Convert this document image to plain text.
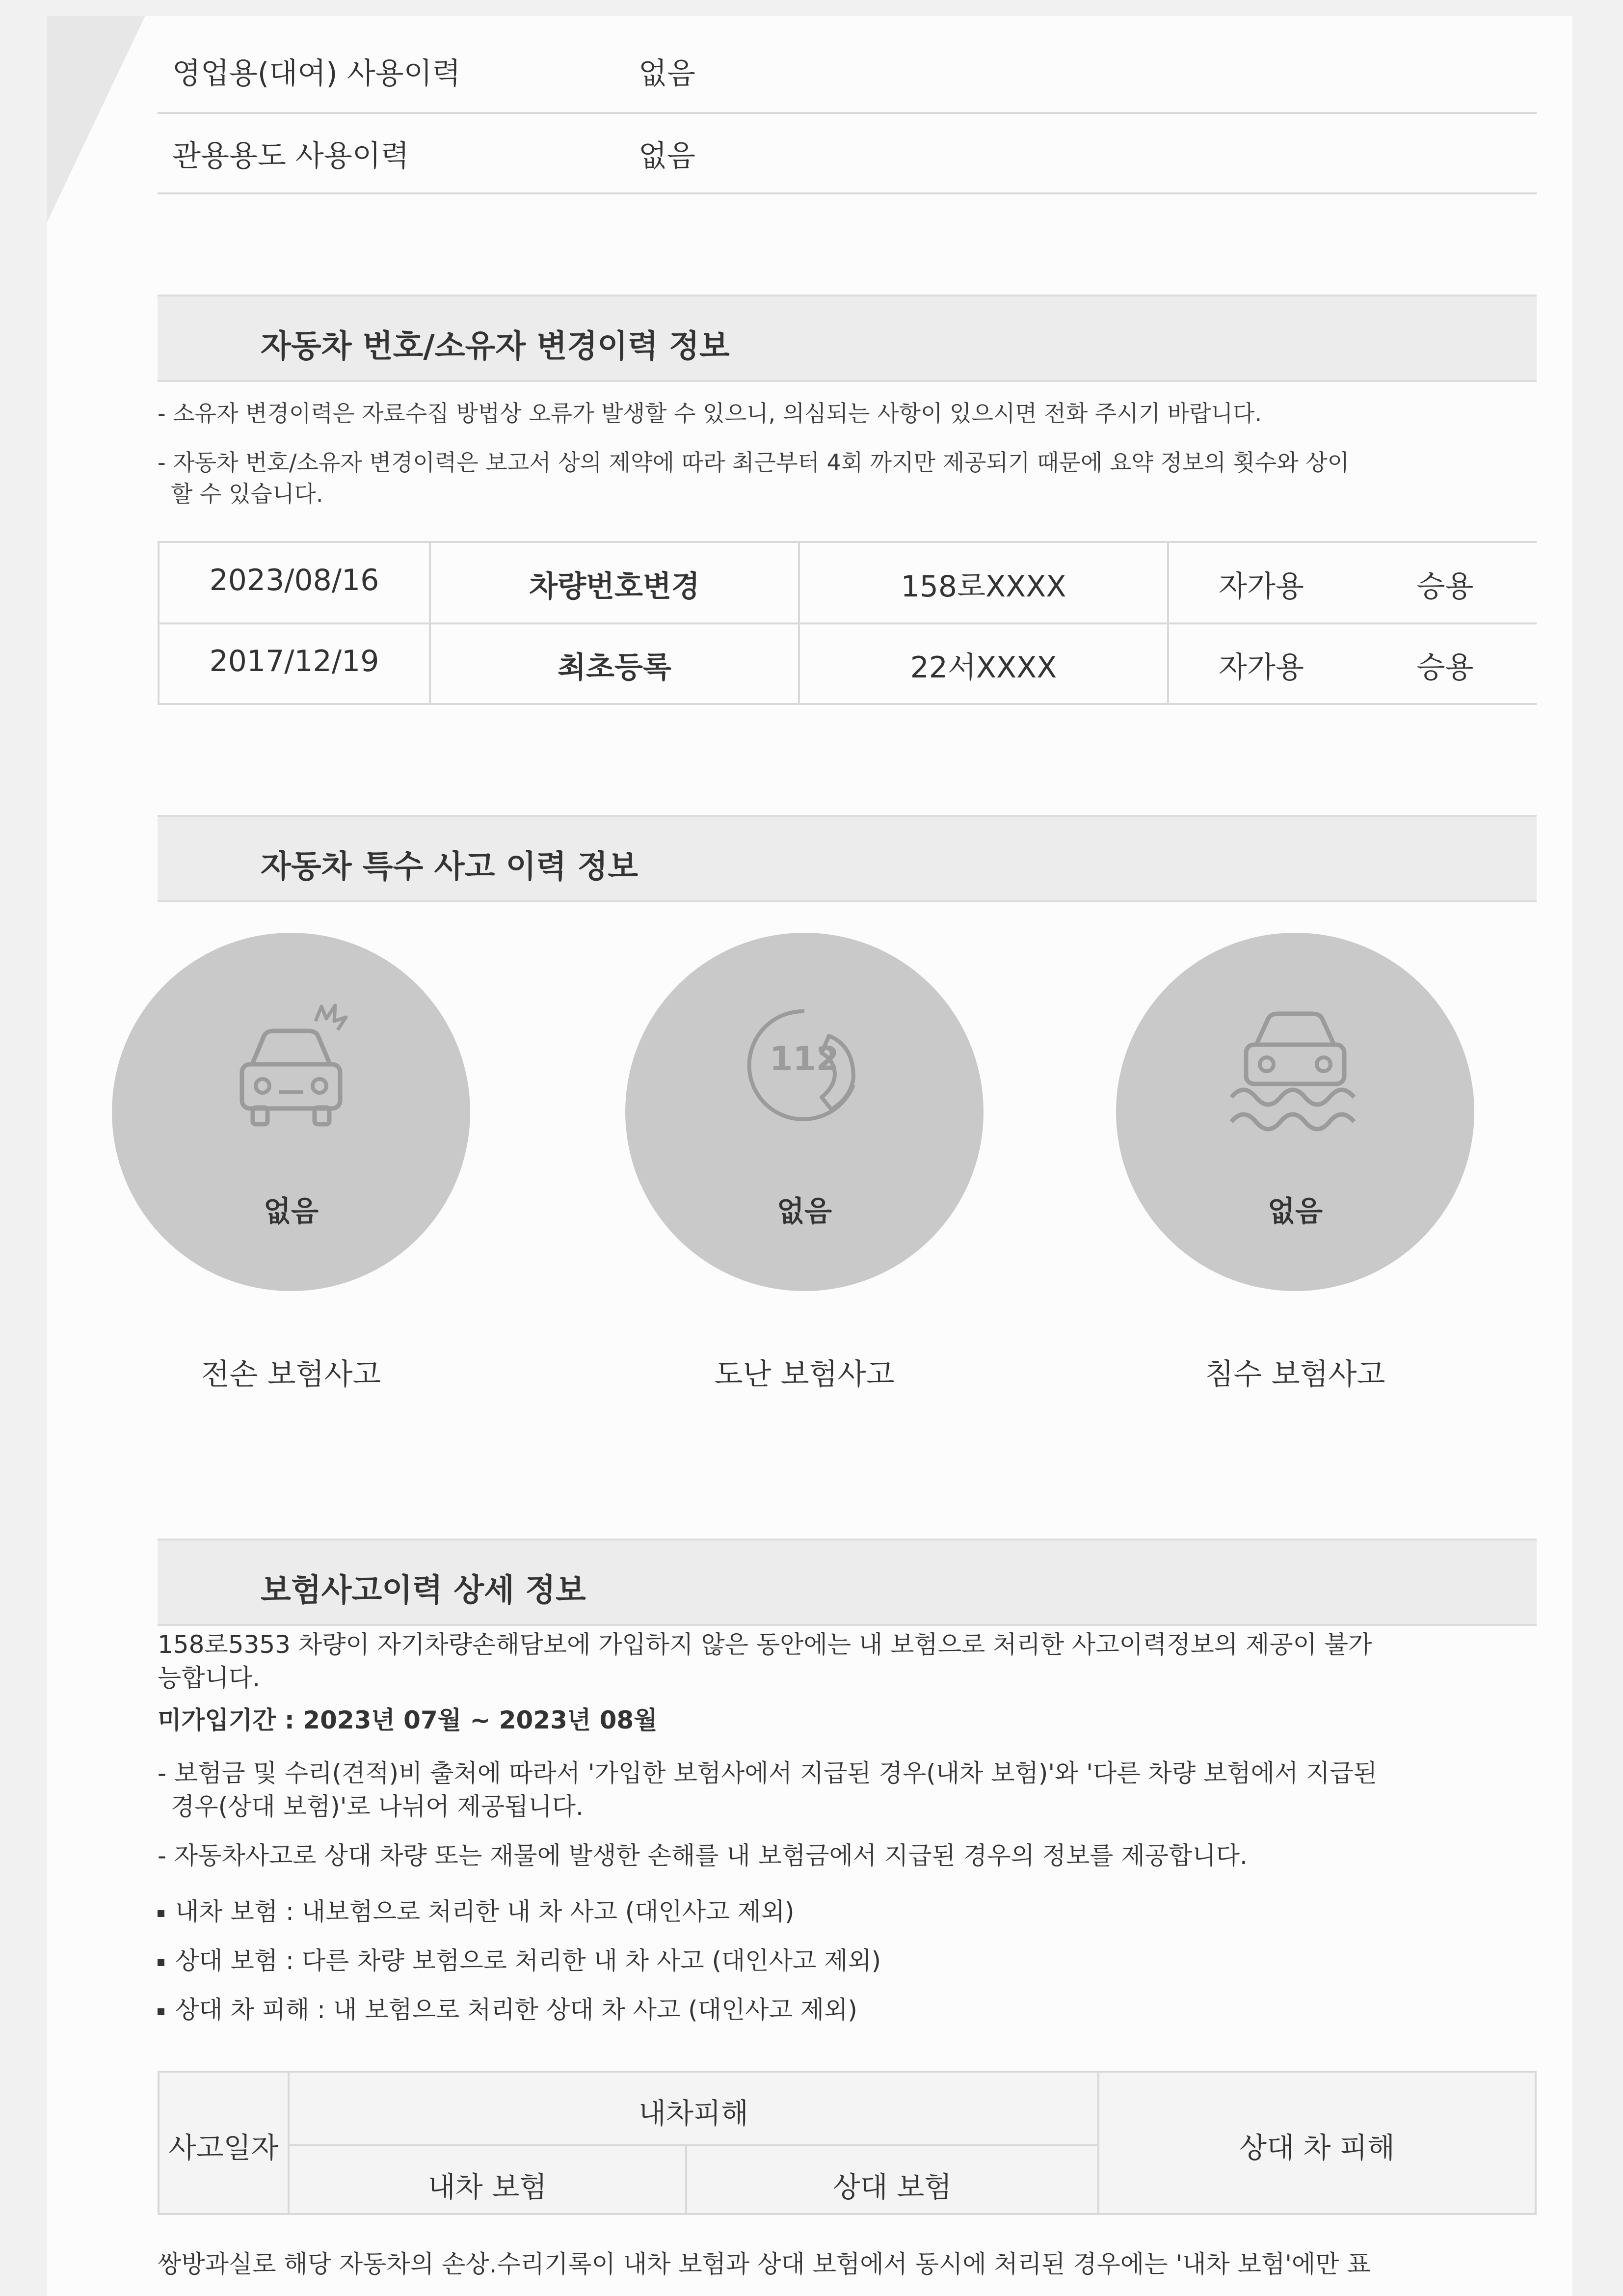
영업용(대여) 사용이력	없음
관용용도 사용이력	없음
자동차 번호/소유자 변경이력 정보
- 소유자 변경이력은 자료수집 방법상 오류가 발생할 수 있으니, 의심되는 사항이 있으시면 전화 주시기 바랍니다.
- 자동차 번호/소유자 변경이력은 보고서 상의 제약에 따라 최근부터 4회 까지만 제공되기 때문에 요약 정보의 횟수와 상이
할 수 있습니다.
2023/08/16	차량번호변경	158로XXXX	자가용	승용
2017/12/19	최초등록	22서XXXX	자가용	승용
자동차 특수 사고 이력 정보
없음
전손 보험사고
112
없음
도난 보험사고
없음
침수 보험사고
보험사고이력 상세 정보
158로5353 차량이 자기차량손해담보에 가입하지 않은 동안에는 내 보험으로 처리한 사고이력정보의 제공이 불가
능합니다.
미가입기간 : 2023년 07월 ~ 2023년 08월
- 보험금 및 수리(견적)비 출처에 따라서 '가입한 보험사에서 지급된 경우(내차 보험)'와 '다른 차량 보험에서 지급된
경우(상대 보험)'로 나뉘어 제공됩니다.
- 자동차사고로 상대 차량 또는 재물에 발생한 손해를 내 보험금에서 지급된 경우의 정보를 제공합니다.
내차 보험 : 내보험으로 처리한 내 차 사고 (대인사고 제외)
상대 보험 : 다른 차량 보험으로 처리한 내 차 사고 (대인사고 제외)
상대 차 피해 : 내 보험으로 처리한 상대 차 사고 (대인사고 제외)
사고일자
내차피해
내차 보험	상대 보험
상대 차 피해
쌍방과실로 해당 자동차의 손상.수리기록이 내차 보험과 상대 보험에서 동시에 처리된 경우에는 '내차 보험'에만 표
